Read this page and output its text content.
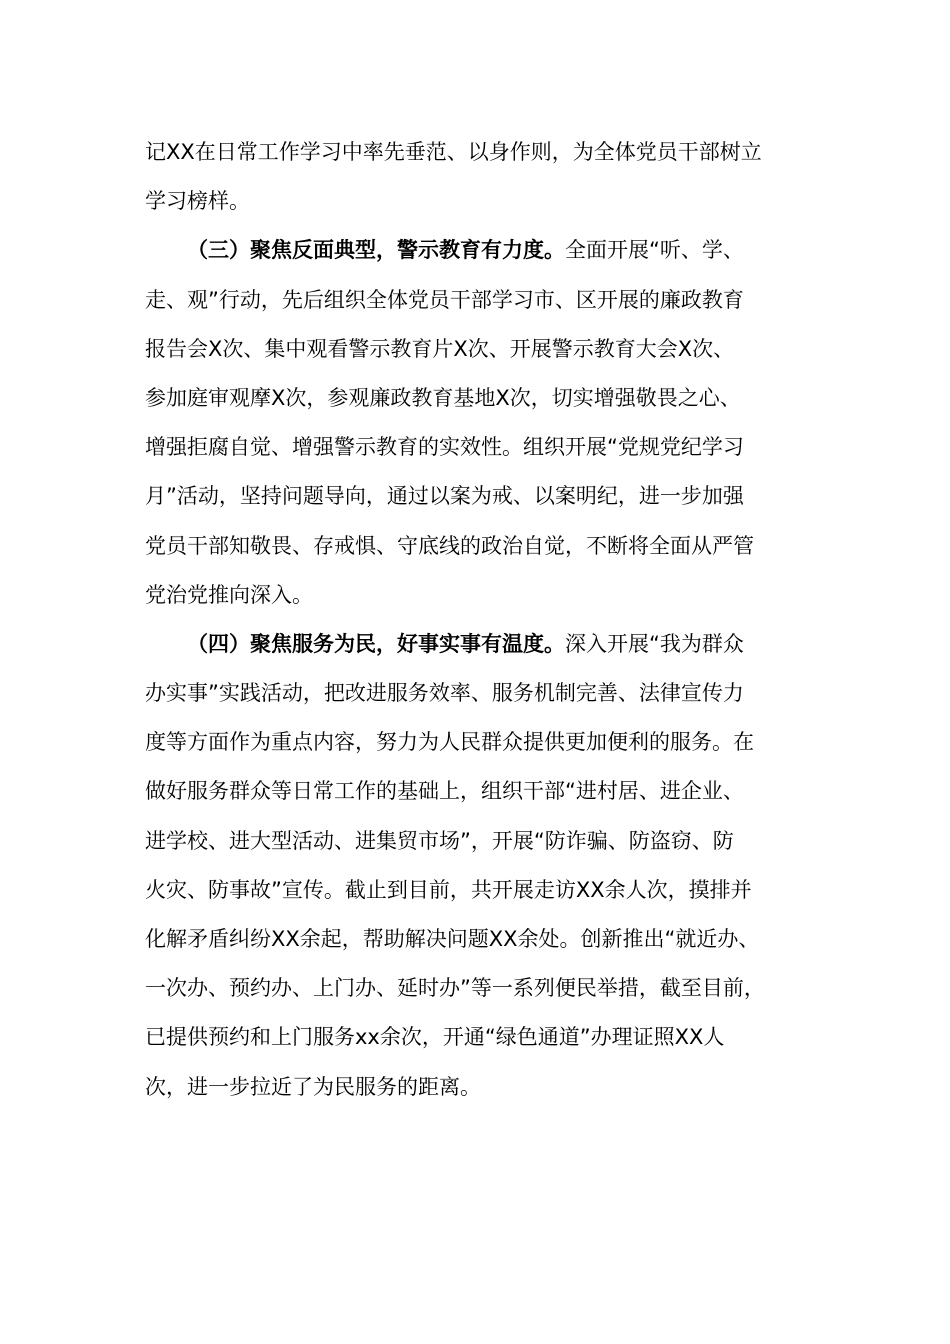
记XX在日常工作学习中率先垂范、以身作则，为全体党员干部树立
学习榜样。
（三）聚焦反面典型，警示教育有力度。全面开展“听、学、
走、观”行动，先后组织全体党员干部学习市、区开展的廉政教育
报告会X次、集中观看警示教育片X次、开展警示教育大会X次、
参加庭审观摩X次，参观廉政教育基地X次，切实增强敬畏之心、
增强拒腐自觉、增强警示教育的实效性。组织开展“党规党纪学习
月”活动，坚持问题导向，通过以案为戒、以案明纪，进一步加强
党员干部知敬畏、存戒惧、守底线的政治自觉，不断将全面从严管
党治党推向深入。
（四）聚焦服务为民，好事实事有温度。深入开展“我为群众
办实事”实践活动，把改进服务效率、服务机制完善、法律宣传力
度等方面作为重点内容，努力为人民群众提供更加便利的服务。在
做好服务群众等日常工作的基础上，组织干部“进村居、进企业、
进学校、进大型活动、进集贸市场”，开展“防诈骗、防盗窃、防
火灾、防事故”宣传。截止到目前，共开展走访XX余人次，摸排并
化解矛盾纠纷XX余起，帮助解决问题XX余处。创新推出“就近办、
一次办、预约办、上门办、延时办”等一系列便民举措，截至目前，
已提供预约和上门服务xx余次，开通“绿色通道”办理证照XX人
次，进一步拉近了为民服务的距离。
